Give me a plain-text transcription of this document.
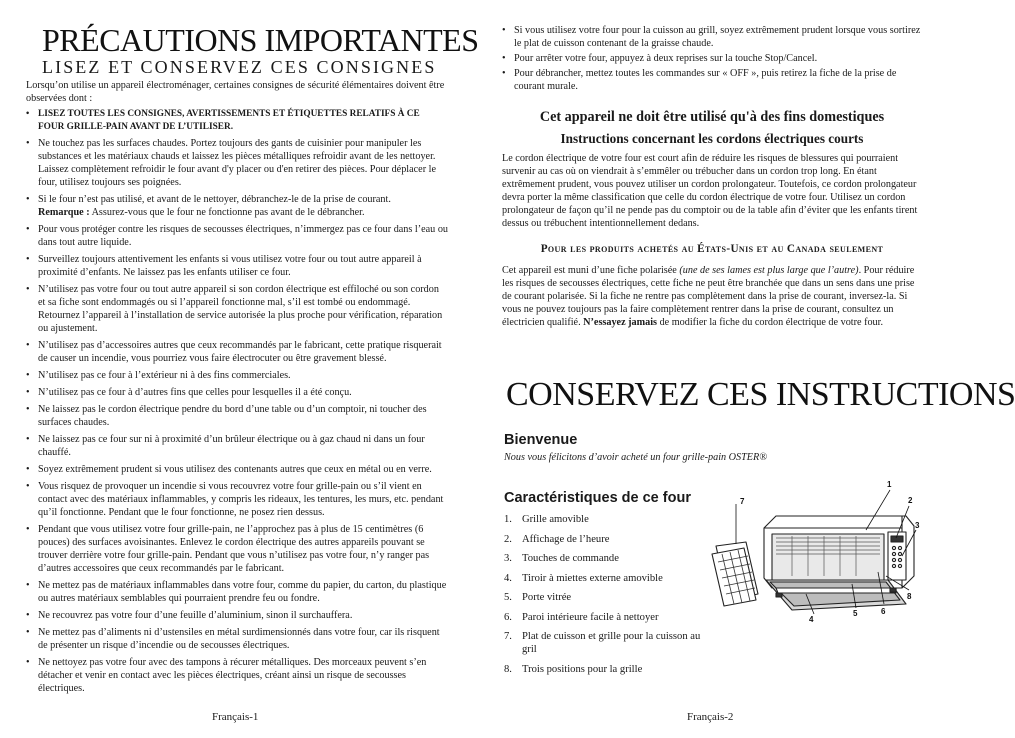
PRÉCAUTIONS IMPORTANTES
LISEZ ET CONSERVEZ CES CONSIGNES

Lorsqu’on utilise un appareil électroménager, certaines consignes de sécurité élémentaires doivent être observées dont :

• LISEZ TOUTES LES CONSIGNES, AVERTISSEMENTS ET ÉTIQUETTES RELATIFS À CE FOUR GRILLE-PAIN AVANT DE L’UTILISER.
• Ne touchez pas les surfaces chaudes. Portez toujours des gants de cuisinier pour manipuler les substances et les matériaux chauds et laissez les pièces métalliques refroidir avant de les nettoyer. Laissez complètement refroidir le four avant d'y placer ou d'en retirer des pièces. Pour déplacer le four, utilisez toujours ses poignées.
• Si le four n’est pas utilisé, et avant de le nettoyer, débranchez-le de la prise de courant.
Remarque : Assurez-vous que le four ne fonctionne pas avant de le débrancher.
• Pour vous protéger contre les risques de secousses électriques, n’immergez pas ce four dans l’eau ou dans tout autre liquide.
• Surveillez toujours attentivement les enfants si vous utilisez votre four ou tout autre appareil à proximité d’enfants. Ne laissez pas les enfants utiliser ce four.
• N’utilisez pas votre four ou tout autre appareil si son cordon électrique est effiloché ou son cordon et sa fiche sont endommagés ou si l’appareil fonctionne mal, s’il est tombé ou endommagé. Retournez l’appareil à l’installation de service autorisée la plus proche pour vérification, réparation ou ajustement.
• N’utilisez pas d’accessoires autres que ceux recommandés par le fabricant, cette pratique risquerait de causer un incendie, vous pourriez vous faire électrocuter ou être gravement blessé.
• N’utilisez pas ce four à l’extérieur ni à des fins commerciales.
• N’utilisez pas ce four à d’autres fins que celles pour lesquelles il a été conçu.
• Ne laissez pas le cordon électrique pendre du bord d’une table ou d’un comptoir, ni toucher des surfaces chaudes.
• Ne laissez pas ce four sur ni à proximité d’un brûleur électrique ou à gaz chaud ni dans un four chauffé.
• Soyez extrêmement prudent si vous utilisez des contenants autres que ceux en métal ou en verre.
• Vous risquez de provoquer un incendie si vous recouvrez votre four grille-pain ou s’il vient en contact avec des matériaux inflammables, y compris les rideaux, les tentures, les murs, etc. pendant qu’il fonctionne. Pendant que le four fonctionne, ne posez rien dessus.
• Pendant que vous utilisez votre four grille-pain, ne l’approchez pas à plus de 15 centimètres (6 pouces) des surfaces avoisinantes. Enlevez le cordon électrique des autres appareils pouvant se trouver derrière votre four grille-pain. Pendant que vous n’utilisez pas votre four, n’y ranger pas d’autres accessoires que ceux recommandés par le fabricant.
• Ne mettez pas de matériaux inflammables dans votre four, comme du papier, du carton, du plastique ou autres matériaux semblables qui pourraient prendre feu ou fondre.
• Ne recouvrez pas votre four d’une feuille d’aluminium, sinon il surchauffera.
• Ne mettez pas d’aliments ni d’ustensiles en métal surdimensionnés dans votre four, car ils risquent de présenter un risque d’incendie ou de secousses électriques.
• Ne nettoyez pas votre four avec des tampons à récurer métalliques. Des morceaux peuvent s’en détacher et venir en contact avec les pièces électriques, créant ainsi un risque de secousses électriques.

Français-1

• Si vous utilisez votre four pour la cuisson au grill, soyez extrêmement prudent lorsque vous sortirez le plat de cuisson contenant de la graisse chaude.
• Pour arrêter votre four, appuyez à deux reprises sur la touche Stop/Cancel.
• Pour débrancher, mettez toutes les commandes sur « OFF », puis retirez la fiche de la prise de courant murale.
Cet appareil ne doit être utilisé qu'à des fins domestiques
Instructions concernant les cordons électriques courts

Le cordon électrique de votre four est court afin de réduire les risques de blessures qui pourraient survenir au cas où on viendrait à s’emmêler ou trébucher dans un cordon trop long. En étant extrêmement prudent, vous pouvez utiliser un cordon prolongateur. Toutefois, ce cordon prolongateur devra porter la même classification que celle du cordon électrique de votre four. Utilisez un cordon prolongateur de façon qu’il ne pende pas du comptoir ou de la table afin d’éviter que les enfants tirent dessus ou trébuchent intentionnellement dedans.

Pour les produits achetés au États-Unis et au Canada seulement

Cet appareil est muni d’une fiche polarisée (une de ses lames est plus large que l’autre). Pour réduire les risques de secousses électriques, cette fiche ne peut être branchée que dans un sens dans une prise de courant polarisée. Si la fiche ne rentre pas complètement dans la prise de courant, inversez-la. Si vous ne pouvez toujours pas la faire complètement rentrer dans la prise de courant, consultez un électricien qualifié. N’essayez jamais de modifier la fiche du cordon électrique de votre four.

CONSERVEZ CES INSTRUCTIONS
Bienvenue

Nous vous félicitons d’avoir acheté un four grille-pain OSTER®

Caractéristiques de ce four
1. Grille amovible
2. Affichage de l’heure
3. Touches de commande
4. Tiroir à miettes externe amovible
5. Porte vitrée
6. Paroi intérieure facile à nettoyer
7. Plat de cuisson et grille pour la cuisson au gril
8. Trois positions pour la grille
1
2
3
4
5	6
7
8

Français-2
